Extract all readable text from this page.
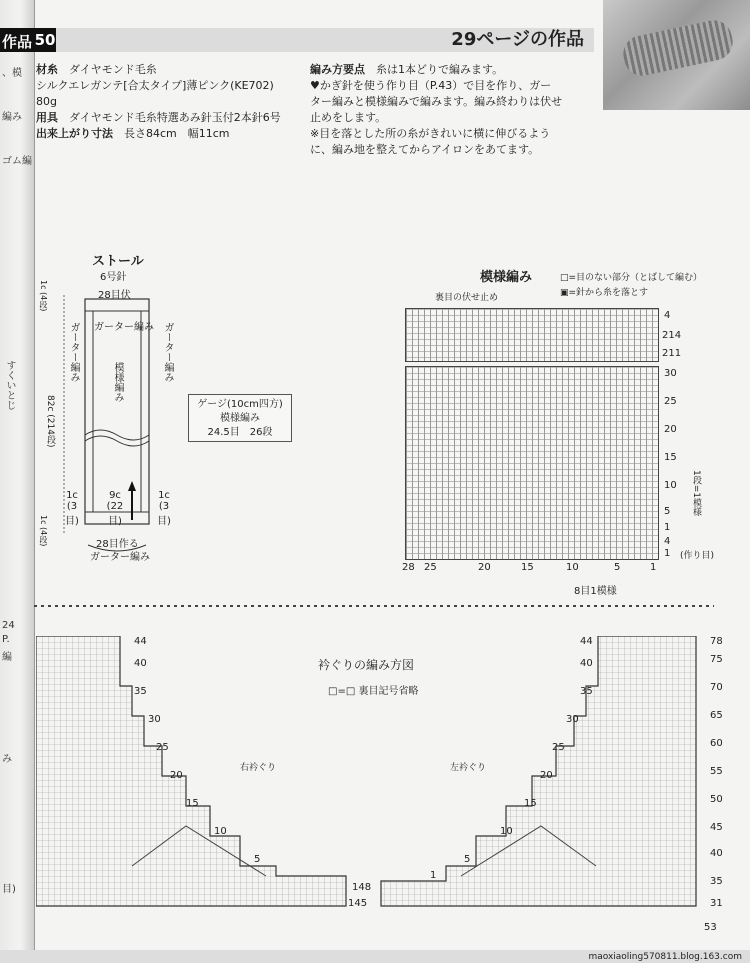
作品
、模
編み
ゴム編
すくいとじ
24
P.
編
み
目)
50	29ページの作品
材糸　 ダイヤモンド毛糸
シルクエレガンテ[合太タイプ]薄ピンク(KE702)
80g
用具　 ダイヤモンド毛糸特選あみ針玉付2本針6号
出来上がり寸法　 長さ84cm　幅11cm
編み方要点　 糸は1本どりで編みます。
♥かぎ針を使う作り目（P.43）で目を作り、ガー
ター編みと模様編みで編みます。編み終わりは伏せ
止めをします。
※目を落とした所の糸がきれいに横に伸びるよう
に、編み地を整えてからアイロンをあてます。
ストール
6号針
28目伏
ガーター編み
ガーター編み	ガーター編み
模様編み
82c (214段)
1c (4段)
1c (4段)
1c (3目)
1c (3目)
9c (22目)
28目作る
ガーター編み
ゲージ(10cm四方)
模様編み
24.5目　26段
模様編み	□=目のない部分（とばして編む）
▣=針から糸を落とす
裏目の伏せ止め
4
214
211
30
25
20
15
10
5
1
4
1
28 25	20	15	10	5	1
8目1模様
1段=1模様
(作り目)
衿ぐりの編み方図
□=□ 裏目記号省略
右衿ぐり	左衿ぐり
44
40
35
30
25
20
15
10
5
148
145
44
40
35
30
25
20
15
10
5
1
78
75
70
65
60
55
50
45
40
35
31
53
maoxiaoling570811.blog.163.com
